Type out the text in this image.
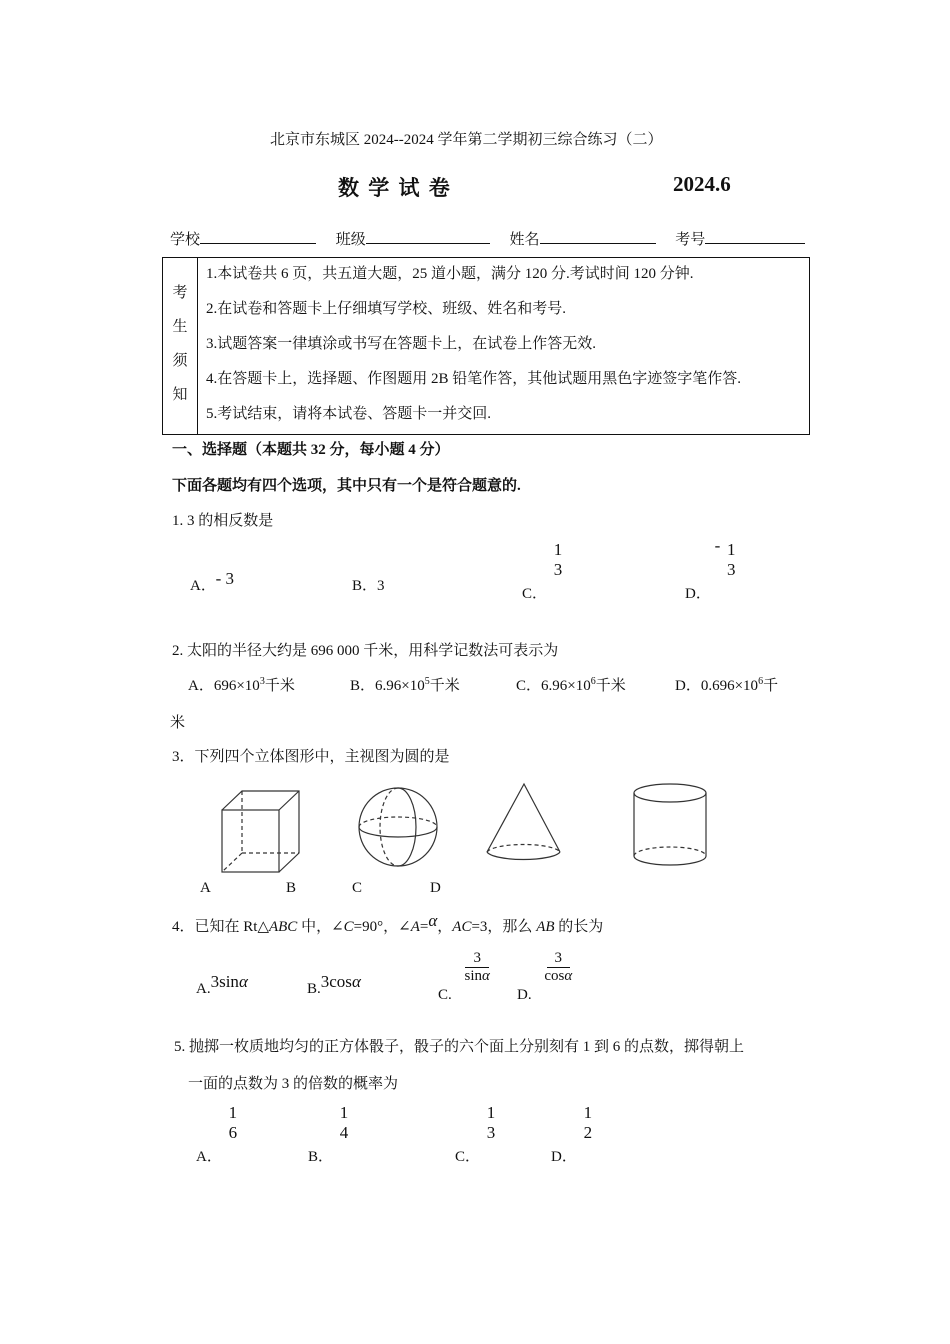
北京市东城区 2024--2024 学年第二学期初三综合练习（二）
数 学 试 卷	2024.6
学校	班级	姓名	考号
考
生
须
知

1.本试卷共 6 页，共五道大题，25 道小题，满分 120 分.考试时间 120 分钟.
2.在试卷和答题卡上仔细填写学校、班级、姓名和考号.
3.试题答案一律填涂或书写在答题卡上，在试卷上作答无效.
4.在答题卡上，选择题、作图题用 2B 铅笔作答，其他试题用黑色字迹签字笔作答.
5.考试结束，请将本试卷、答题卡一并交回.
一、选择题（本题共 32 分，每小题 4 分）
下面各题均有四个选项，其中只有一个是符合题意的.
1. 3 的相反数是
A． - 3	B．3	C．
1
3
D． - 1
3
2. 太阳的半径大约是 696 000 千米，用科学记数法可表示为
A．$696\times 10^3$千米	B．$6.96\times 10^5$千米	C．$6.96\times 10^6$千米	D．$0.696\times 10^6$千
米
3．下列四个立体图形中，主视图为圆的是
A	B	C	D
4．已知在 Rt△ABC 中，∠C=90°，∠A=α，AC=3，那么 AB 的长为
A.3sinα	B.3cosα
C.
$\frac{3}{\sin\alpha}$
D.
$\frac{3}{\cos\alpha}$
5. 抛掷一枚质地均匀的正方体骰子，骰子的六个面上分别刻有 1 到 6 的点数，掷得朝上
一面的点数为 3 的倍数的概率为
A．
1
6
B．
1
4
C．
1
3
D．
1
2
